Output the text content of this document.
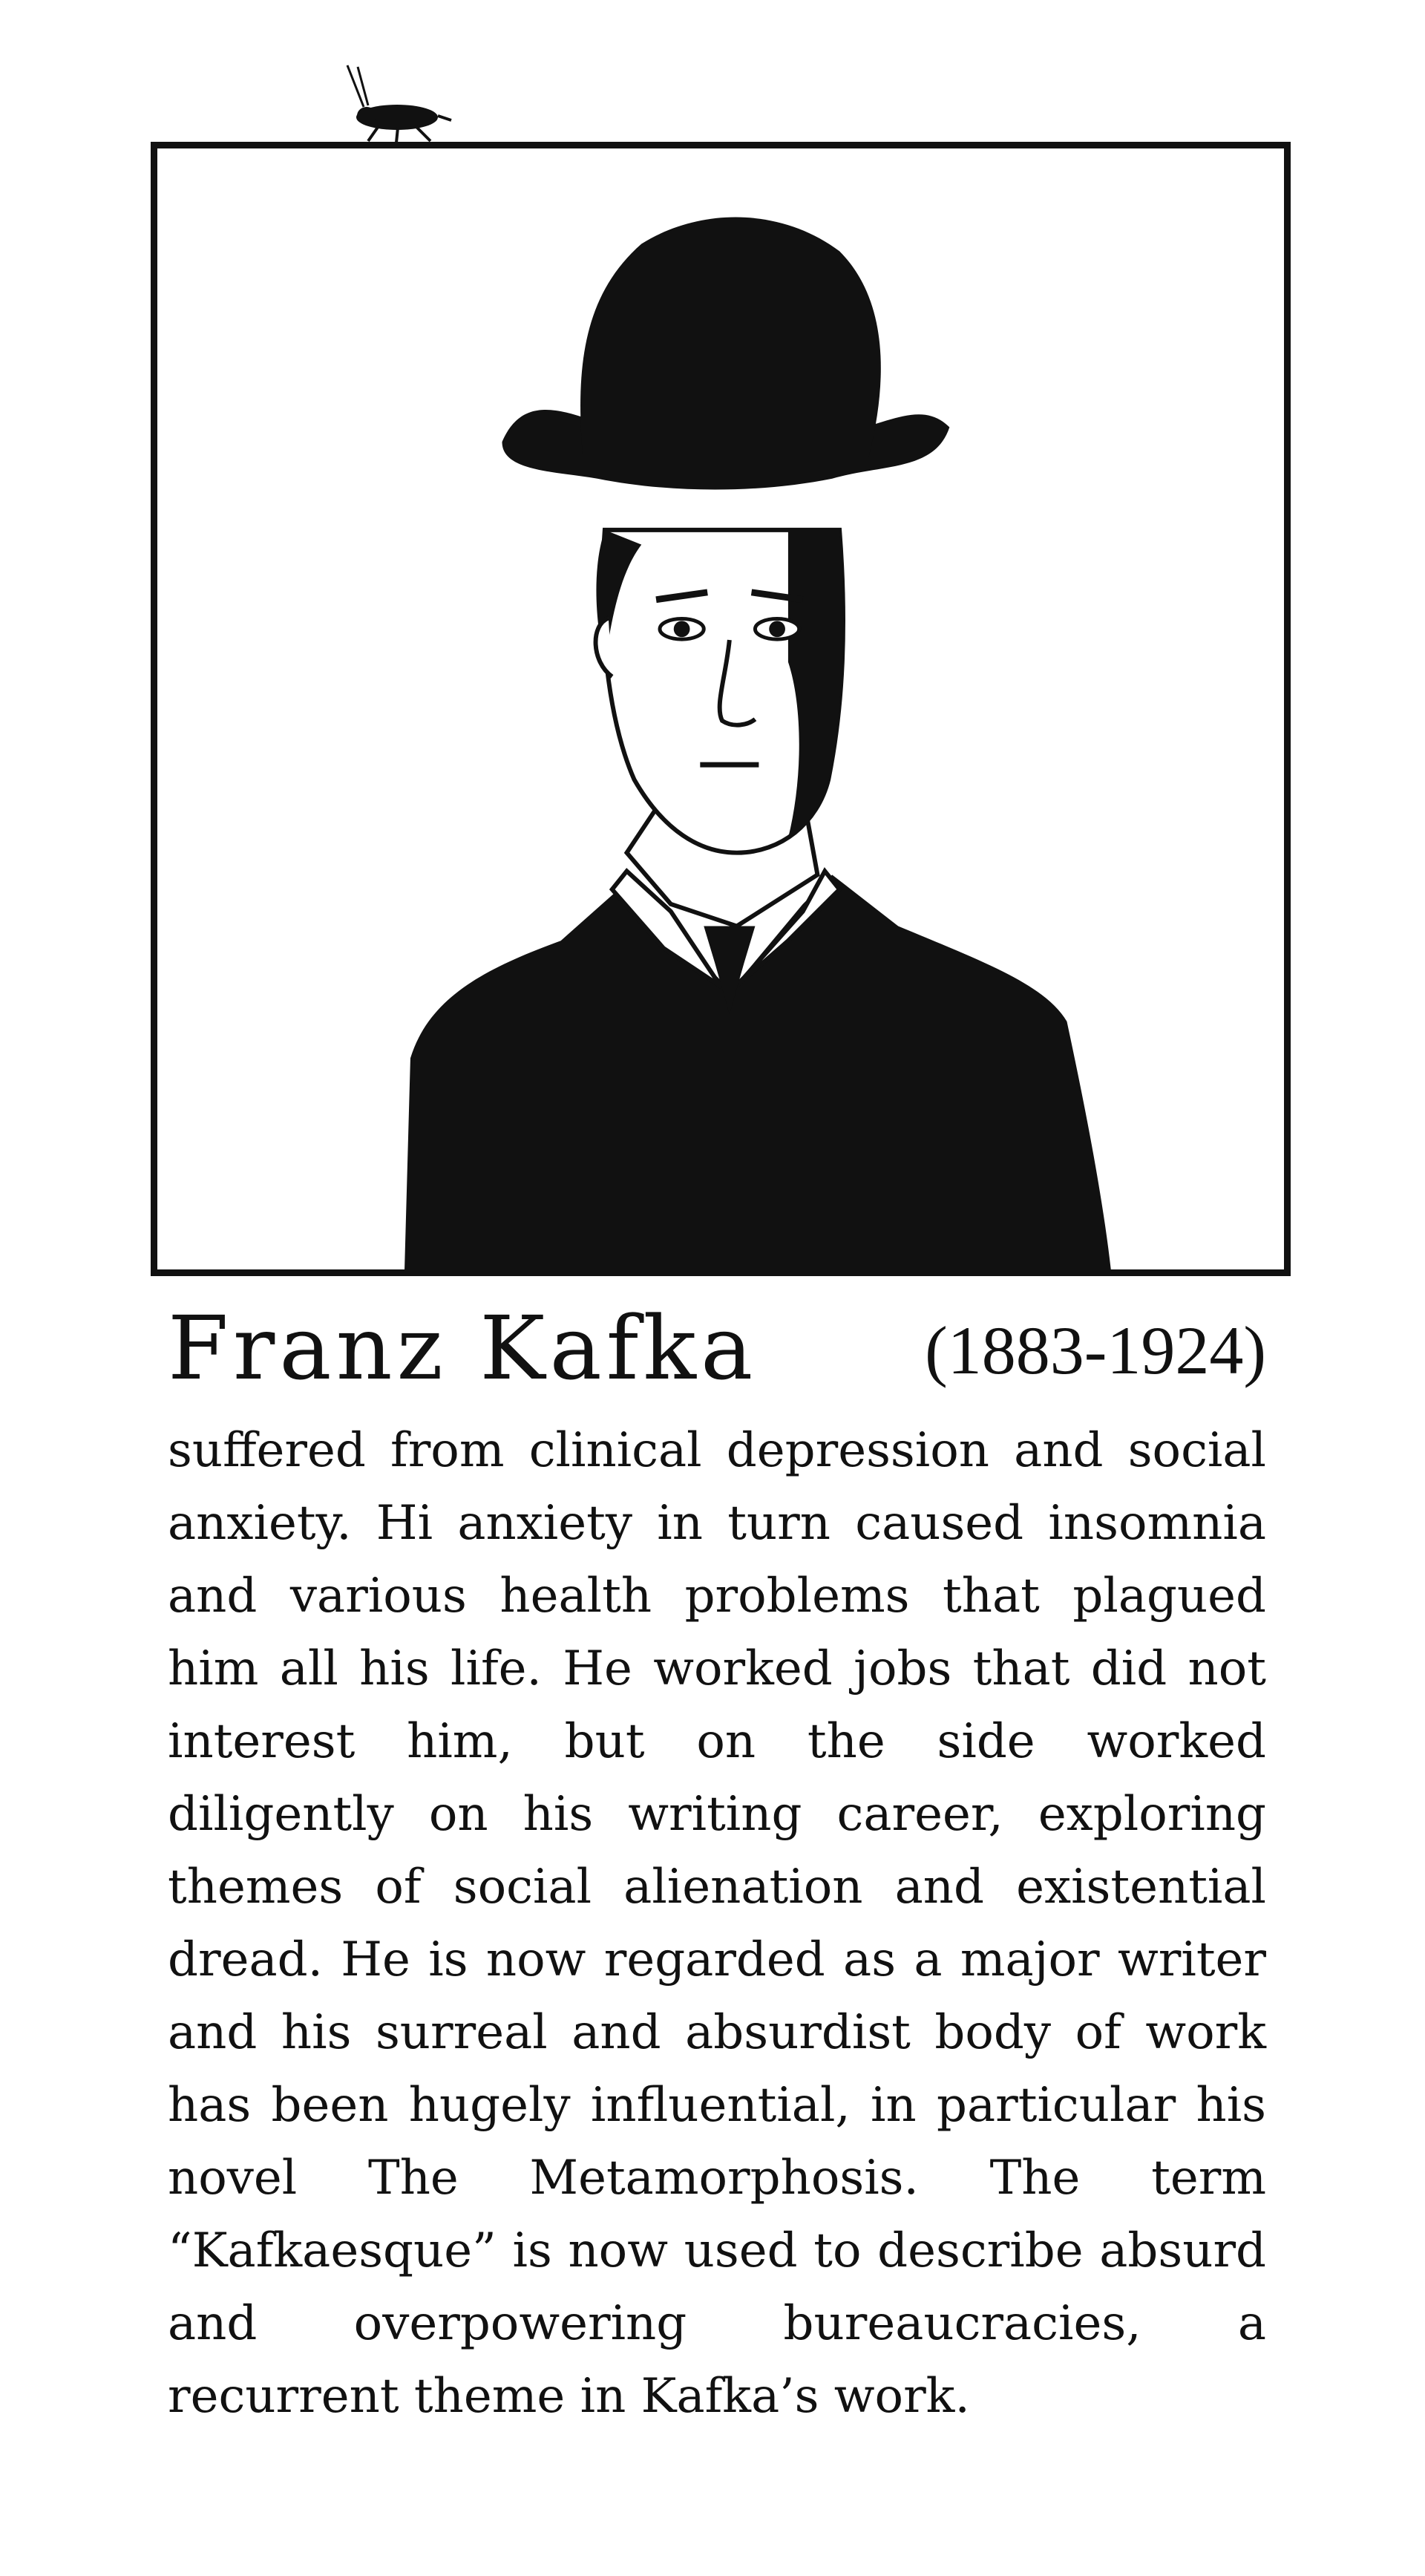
Franz Kafka (1883-1924)
suffered from clinical depression and social anxiety. Hi anxiety in turn caused insomnia and various health problems that plagued him all his life. He worked jobs that did not interest him, but on the side worked diligently on his writing career, exploring themes of social alienation and existential dread. He is now regarded as a major writer and his surreal and absurdist body of work has been hugely influential, in particular his novel The Metamorphosis. The term “Kafkaesque” is now used to describe absurd and overpowering bureaucracies, a recurrent theme in Kafka’s work.
